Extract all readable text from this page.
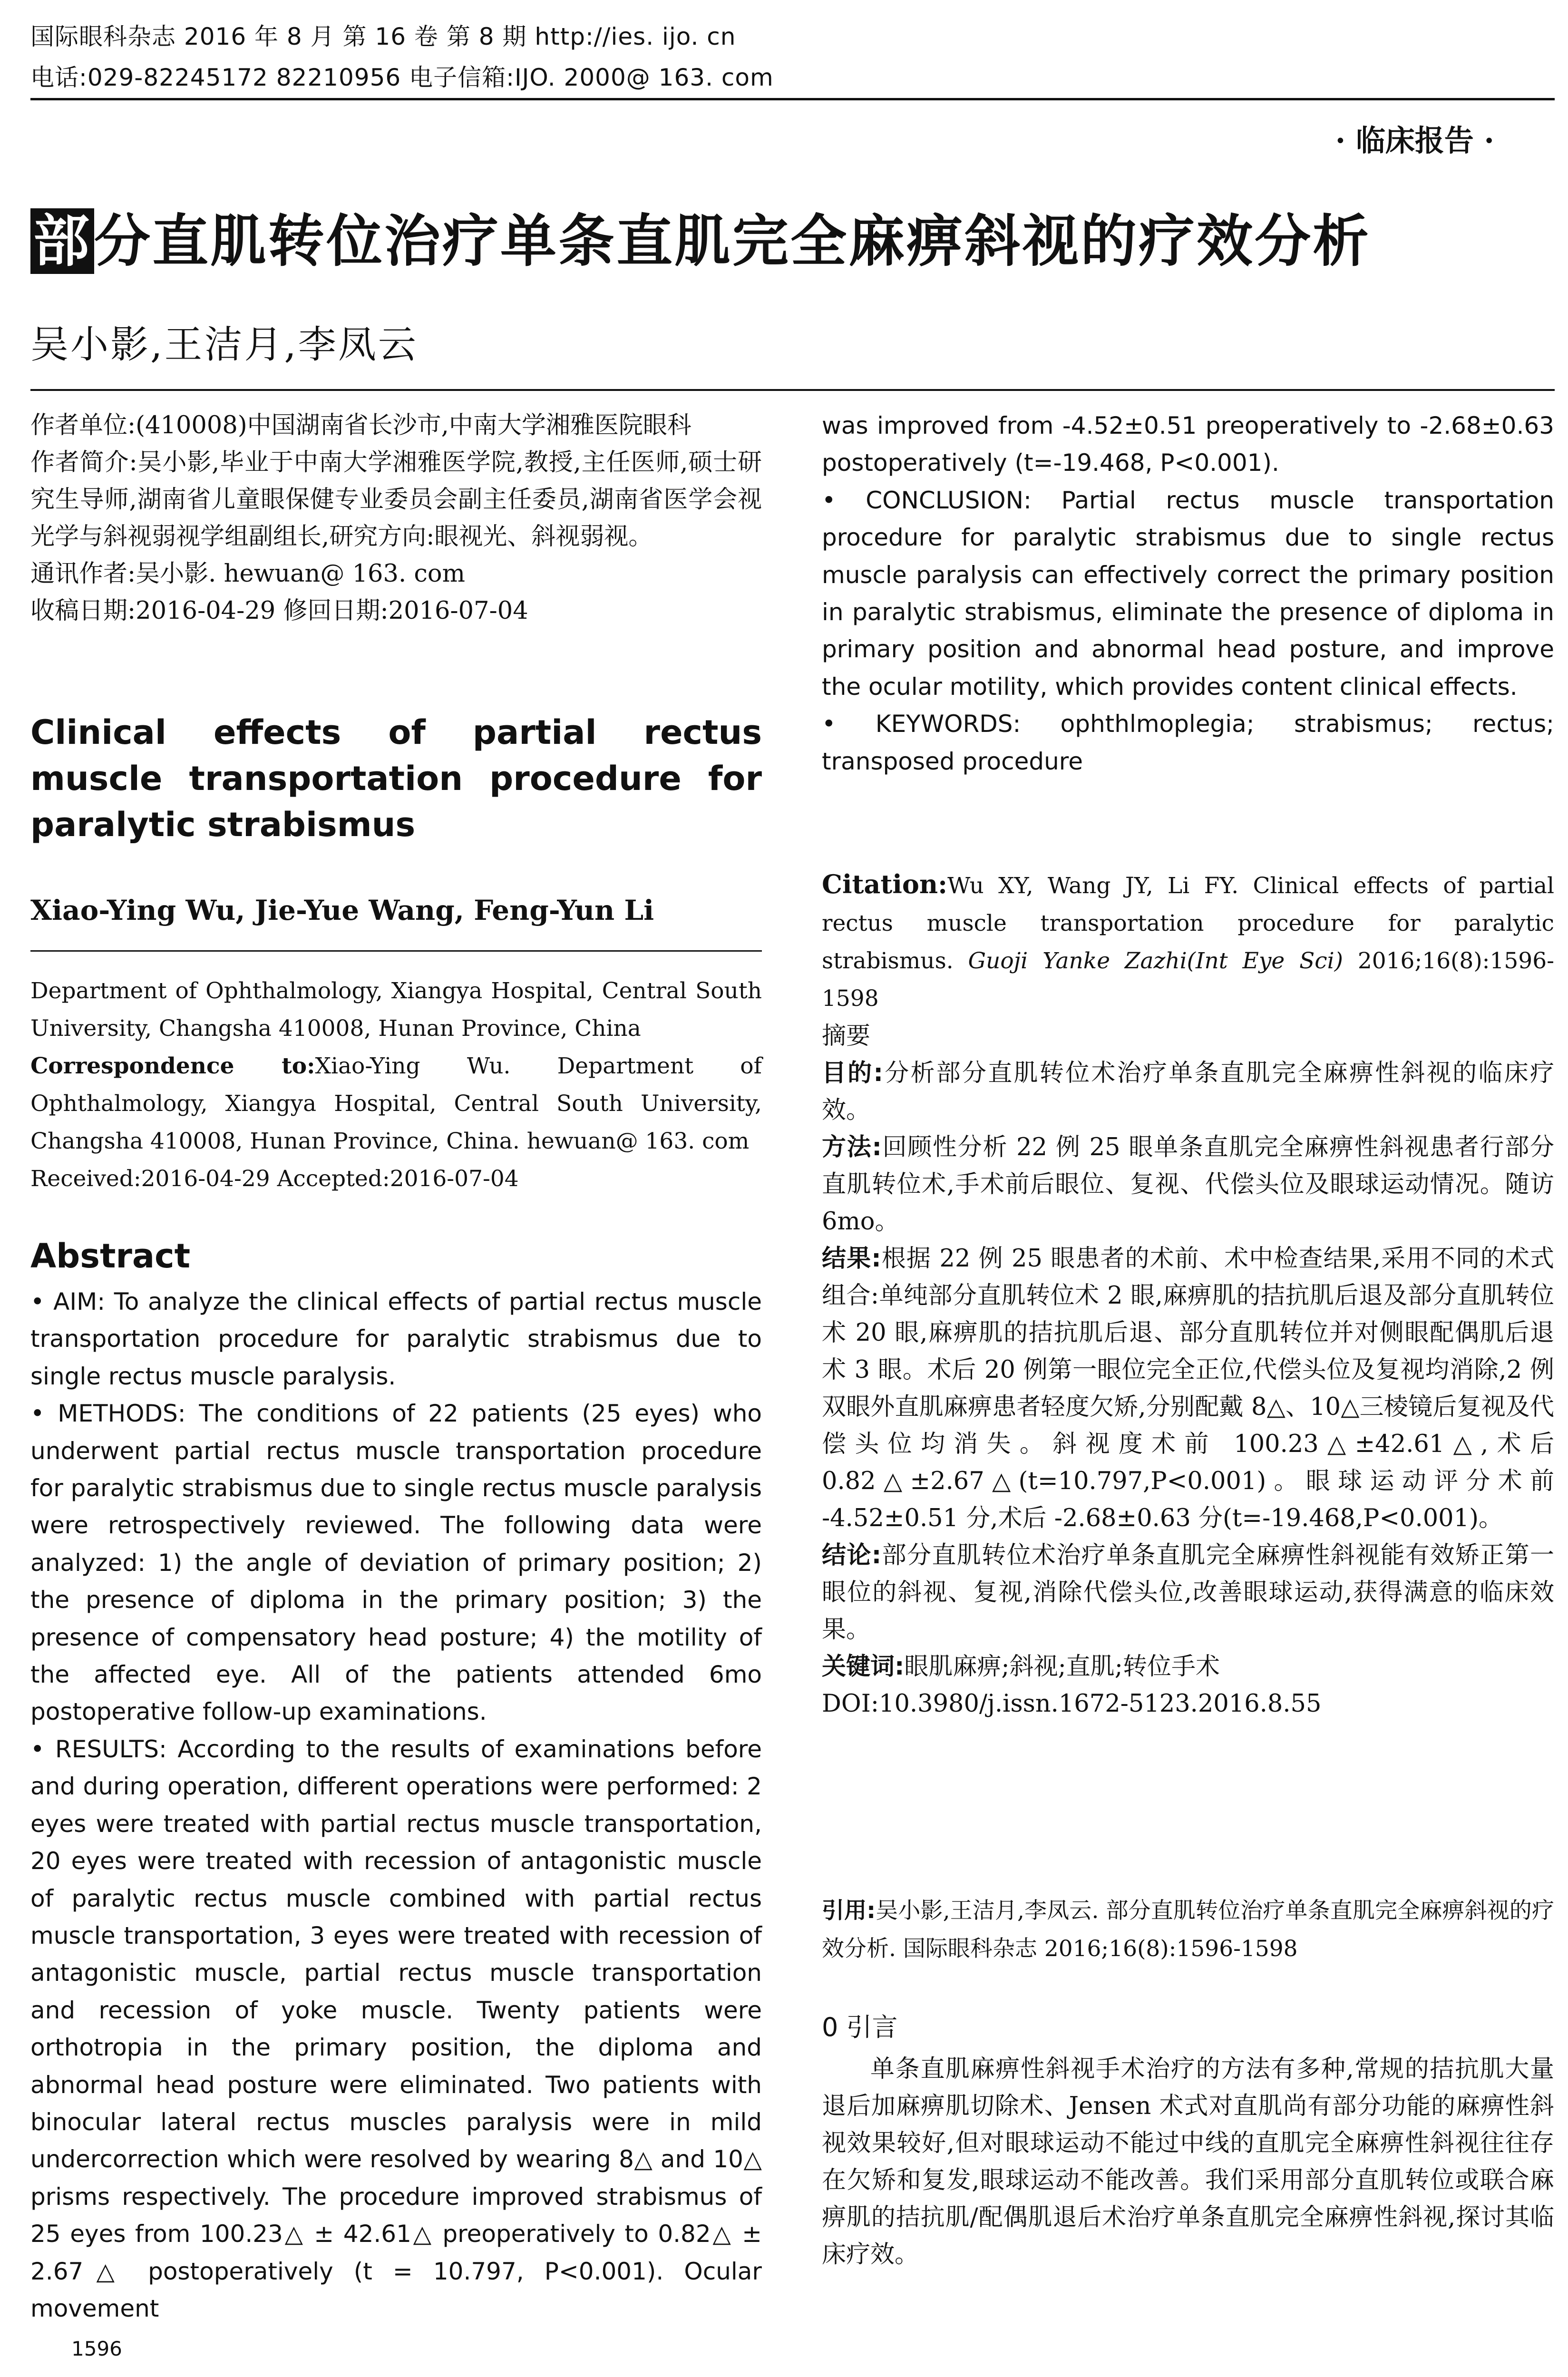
国际眼科杂志 2016 年 8 月 第 16 卷 第 8 期 http://ies. ijo. cn
电话:029-82245172 82210956 电子信箱:IJO. 2000@ 163. com
· 临床报告 ·
部分直肌转位治疗单条直肌完全麻痹斜视的疗效分析
吴小影,王洁月,李凤云

作者单位:(410008)中国湖南省长沙市,中南大学湘雅医院眼科

作者简介:吴小影,毕业于中南大学湘雅医学院,教授,主任医师,硕士研究生导师,湖南省儿童眼保健专业委员会副主任委员,湖南省医学会视光学与斜视弱视学组副组长,研究方向:眼视光、斜视弱视。

通讯作者:吴小影. hewuan@ 163. com

收稿日期:2016-04-29 修回日期:2016-07-04

Clinical effects of partial rectus muscle transportation procedure for paralytic strabismus
Xiao-Ying Wu, Jie-Yue Wang, Feng-Yun Li

Department of Ophthalmology, Xiangya Hospital, Central South University, Changsha 410008, Hunan Province, China

Correspondence to:Xiao-Ying Wu. Department of Ophthalmology, Xiangya Hospital, Central South University, Changsha 410008, Hunan Province, China. hewuan@ 163. com

Received:2016-04-29 Accepted:2016-07-04

Abstract

• AIM: To analyze the clinical effects of partial rectus muscle transportation procedure for paralytic strabismus due to single rectus muscle paralysis.

• METHODS: The conditions of 22 patients (25 eyes) who underwent partial rectus muscle transportation procedure for paralytic strabismus due to single rectus muscle paralysis were retrospectively reviewed. The following data were analyzed: 1) the angle of deviation of primary position; 2) the presence of diploma in the primary position; 3) the presence of compensatory head posture; 4) the motility of the affected eye. All of the patients attended 6mo postoperative follow-up examinations.

• RESULTS: According to the results of examinations before and during operation, different operations were performed: 2 eyes were treated with partial rectus muscle transportation, 20 eyes were treated with recession of antagonistic muscle of paralytic rectus muscle combined with partial rectus muscle transportation, 3 eyes were treated with recession of antagonistic muscle, partial rectus muscle transportation and recession of yoke muscle. Twenty patients were orthotropia in the primary position, the diploma and abnormal head posture were eliminated. Two patients with binocular lateral rectus muscles paralysis were in mild undercorrection which were resolved by wearing 8△ and 10△ prisms respectively. The procedure improved strabismus of 25 eyes from 100.23△ ± 42.61△ preoperatively to 0.82△ ± 2.67△ postoperatively (t = 10.797, P<0.001). Ocular movement

was improved from -4.52±0.51 preoperatively to -2.68±0.63 postoperatively (t=-19.468, P<0.001).

• CONCLUSION: Partial rectus muscle transportation procedure for paralytic strabismus due to single rectus muscle paralysis can effectively correct the primary position in paralytic strabismus, eliminate the presence of diploma in primary position and abnormal head posture, and improve the ocular motility, which provides content clinical effects.

• KEYWORDS: ophthlmoplegia; strabismus; rectus; transposed procedure

Citation:Wu XY, Wang JY, Li FY. Clinical effects of partial rectus muscle transportation procedure for paralytic strabismus. Guoji Yanke Zazhi(Int Eye Sci) 2016;16(8):1596-1598

摘要

目的:分析部分直肌转位术治疗单条直肌完全麻痹性斜视的临床疗效。

方法:回顾性分析 22 例 25 眼单条直肌完全麻痹性斜视患者行部分直肌转位术,手术前后眼位、复视、代偿头位及眼球运动情况。随访 6mo。

结果:根据 22 例 25 眼患者的术前、术中检查结果,采用不同的术式组合:单纯部分直肌转位术 2 眼,麻痹肌的拮抗肌后退及部分直肌转位术 20 眼,麻痹肌的拮抗肌后退、部分直肌转位并对侧眼配偶肌后退术 3 眼。术后 20 例第一眼位完全正位,代偿头位及复视均消除,2 例双眼外直肌麻痹患者轻度欠矫,分别配戴 8△、10△三棱镜后复视及代偿头位均消失。斜视度术前 100.23△±42.61△,术后 0.82△±2.67△(t=10.797,P<0.001)。眼球运动评分术前 -4.52±0.51 分,术后 -2.68±0.63 分(t=-19.468,P<0.001)。

结论:部分直肌转位术治疗单条直肌完全麻痹性斜视能有效矫正第一眼位的斜视、复视,消除代偿头位,改善眼球运动,获得满意的临床效果。

关键词:眼肌麻痹;斜视;直肌;转位手术

DOI:10.3980/j.issn.1672-5123.2016.8.55

引用:吴小影,王洁月,李凤云. 部分直肌转位治疗单条直肌完全麻痹斜视的疗效分析. 国际眼科杂志 2016;16(8):1596-1598

0 引言

单条直肌麻痹性斜视手术治疗的方法有多种,常规的拮抗肌大量退后加麻痹肌切除术、Jensen 术式对直肌尚有部分功能的麻痹性斜视效果较好,但对眼球运动不能过中线的直肌完全麻痹性斜视往往存在欠矫和复发,眼球运动不能改善。我们采用部分直肌转位或联合麻痹肌的拮抗肌/配偶肌退后术治疗单条直肌完全麻痹性斜视,探讨其临床疗效。

1596
